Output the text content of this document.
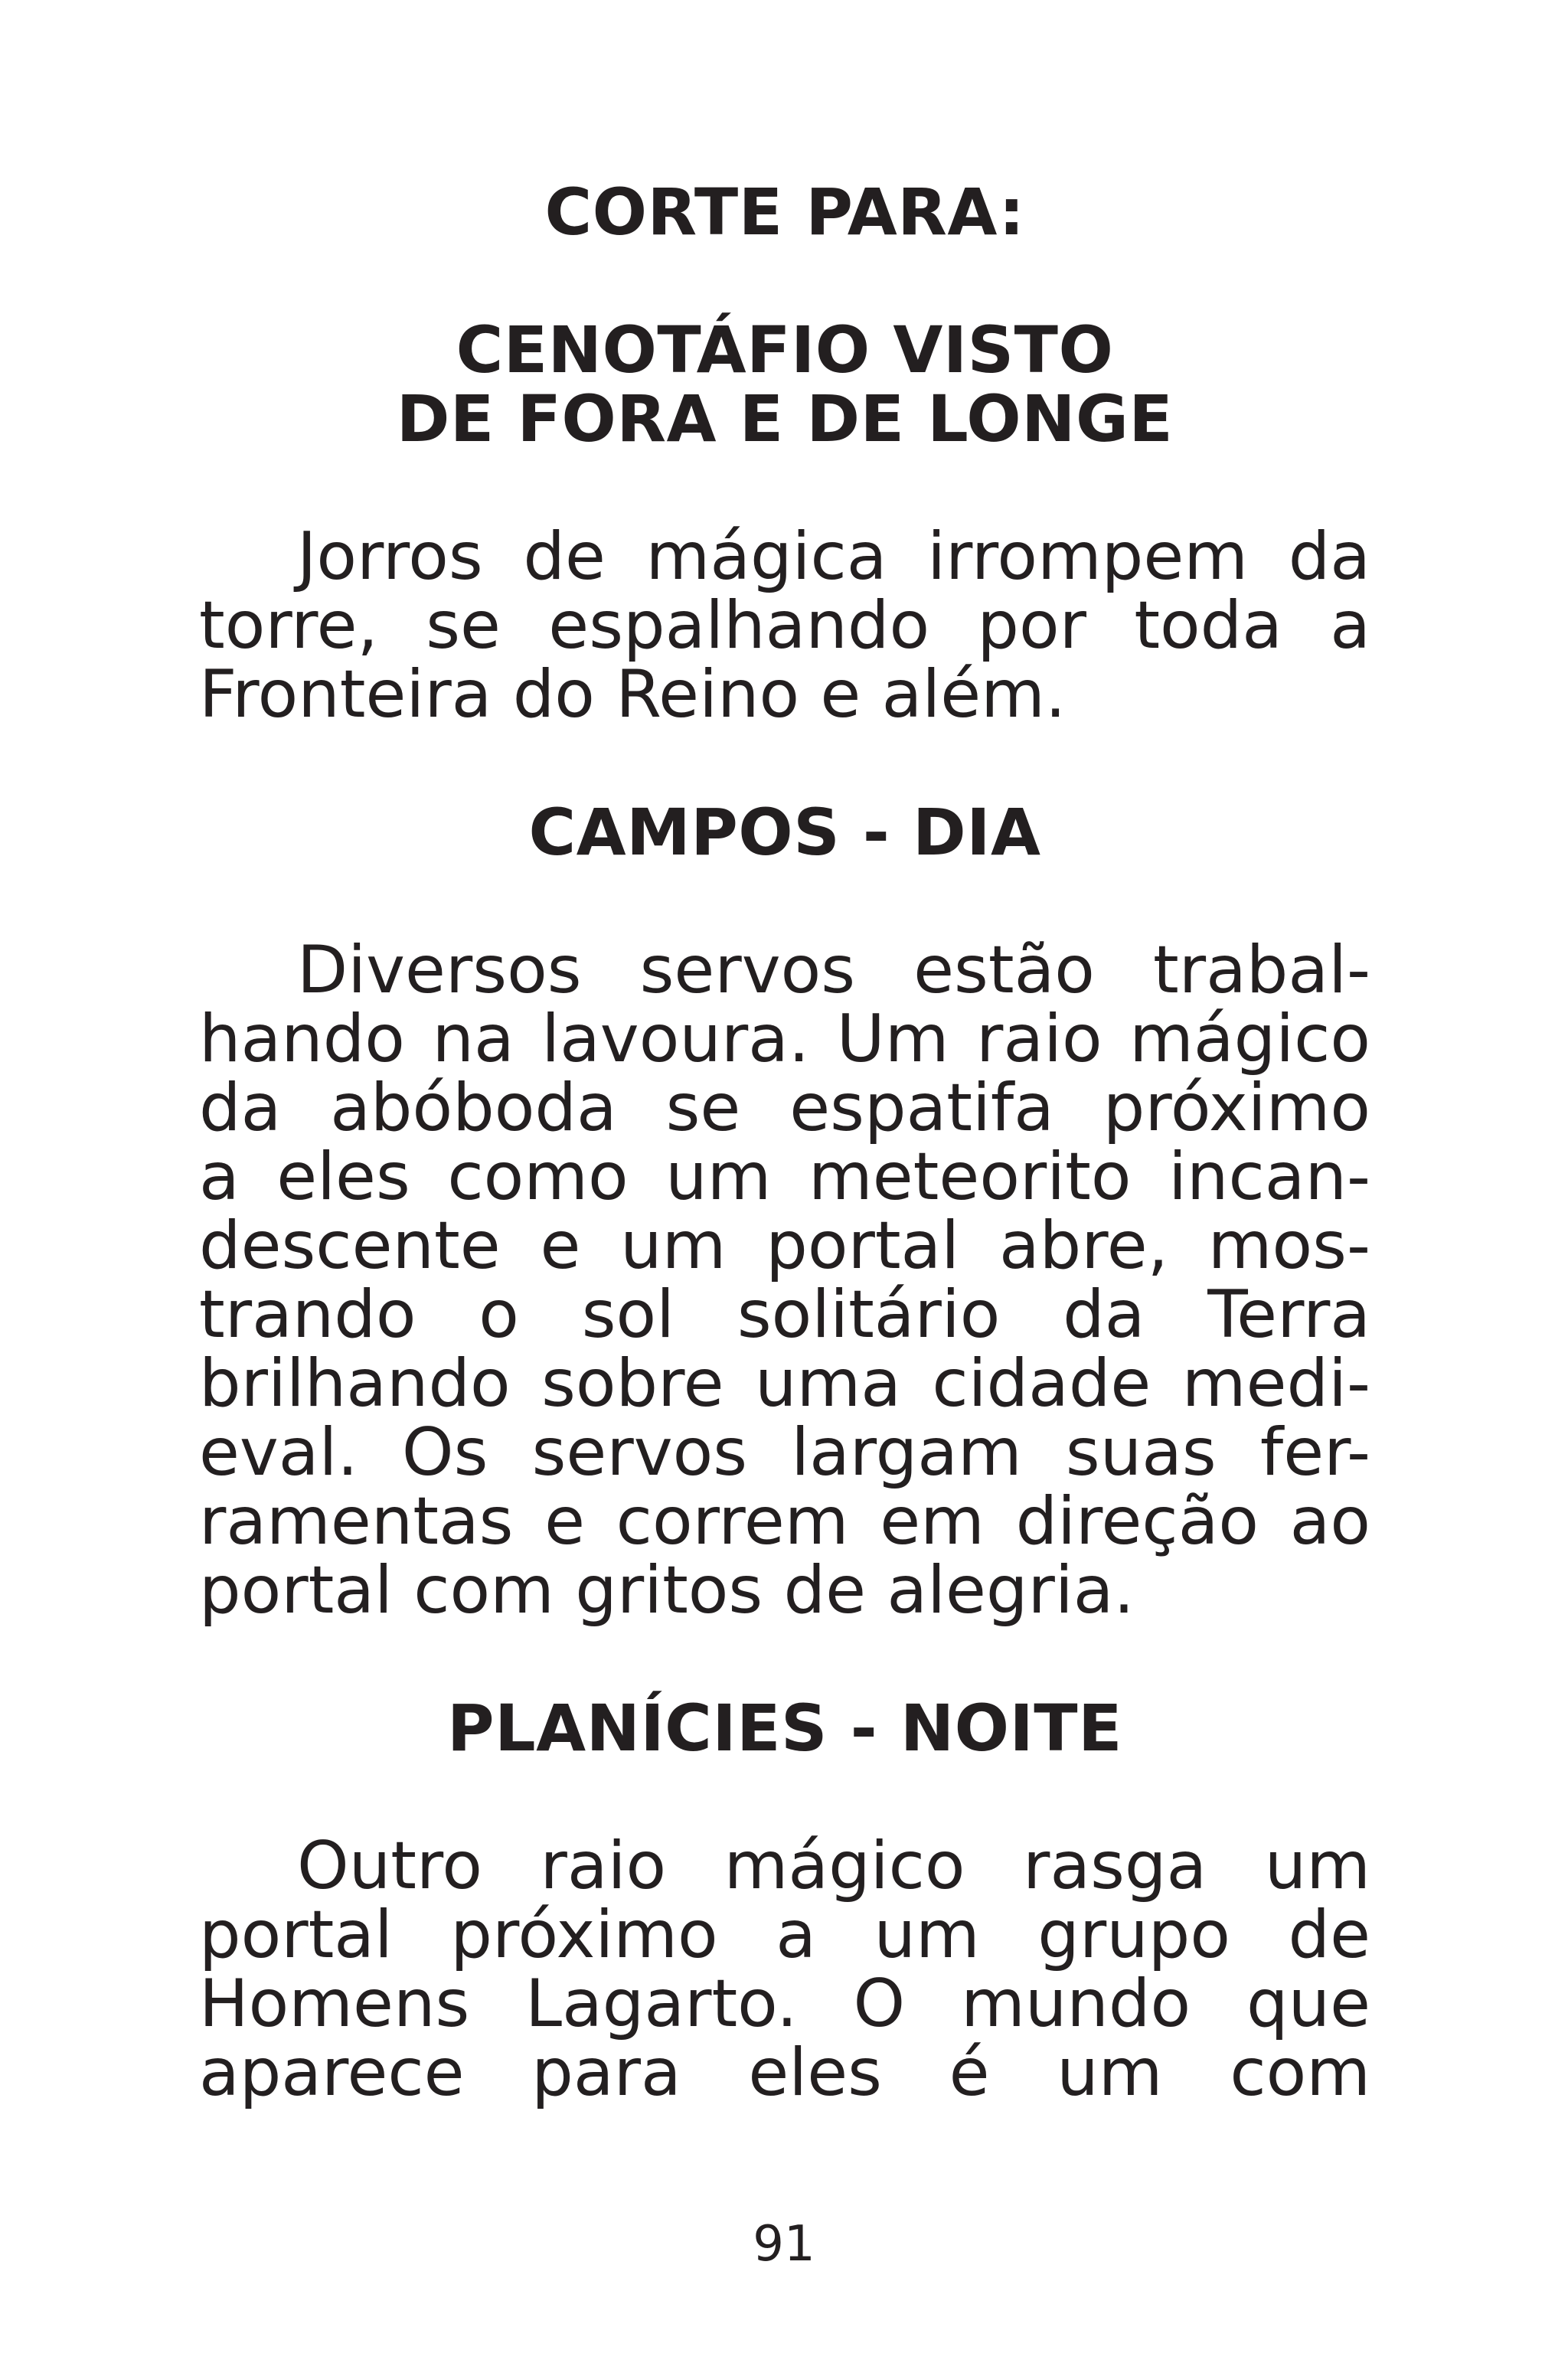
CORTE PARA:
CENOTÁFIO VISTO
DE FORA E DE LONGE

Jorros de mágica irrompem da
torre, se espalhando por toda a
Fronteira do Reino e além.

CAMPOS - DIA

Diversos servos estão trabal-
hando na lavoura. Um raio mágico
da abóboda se espatifa próximo
a eles como um meteorito incan-
descente e um portal abre, mos-
trando o sol solitário da Terra
brilhando sobre uma cidade medi-
eval. Os servos largam suas fer-
ramentas e correm em direção ao
portal com gritos de alegria.

PLANÍCIES - NOITE

Outro raio mágico rasga um
portal próximo a um grupo de
Homens Lagarto. O mundo que
aparece para eles é um com

91
